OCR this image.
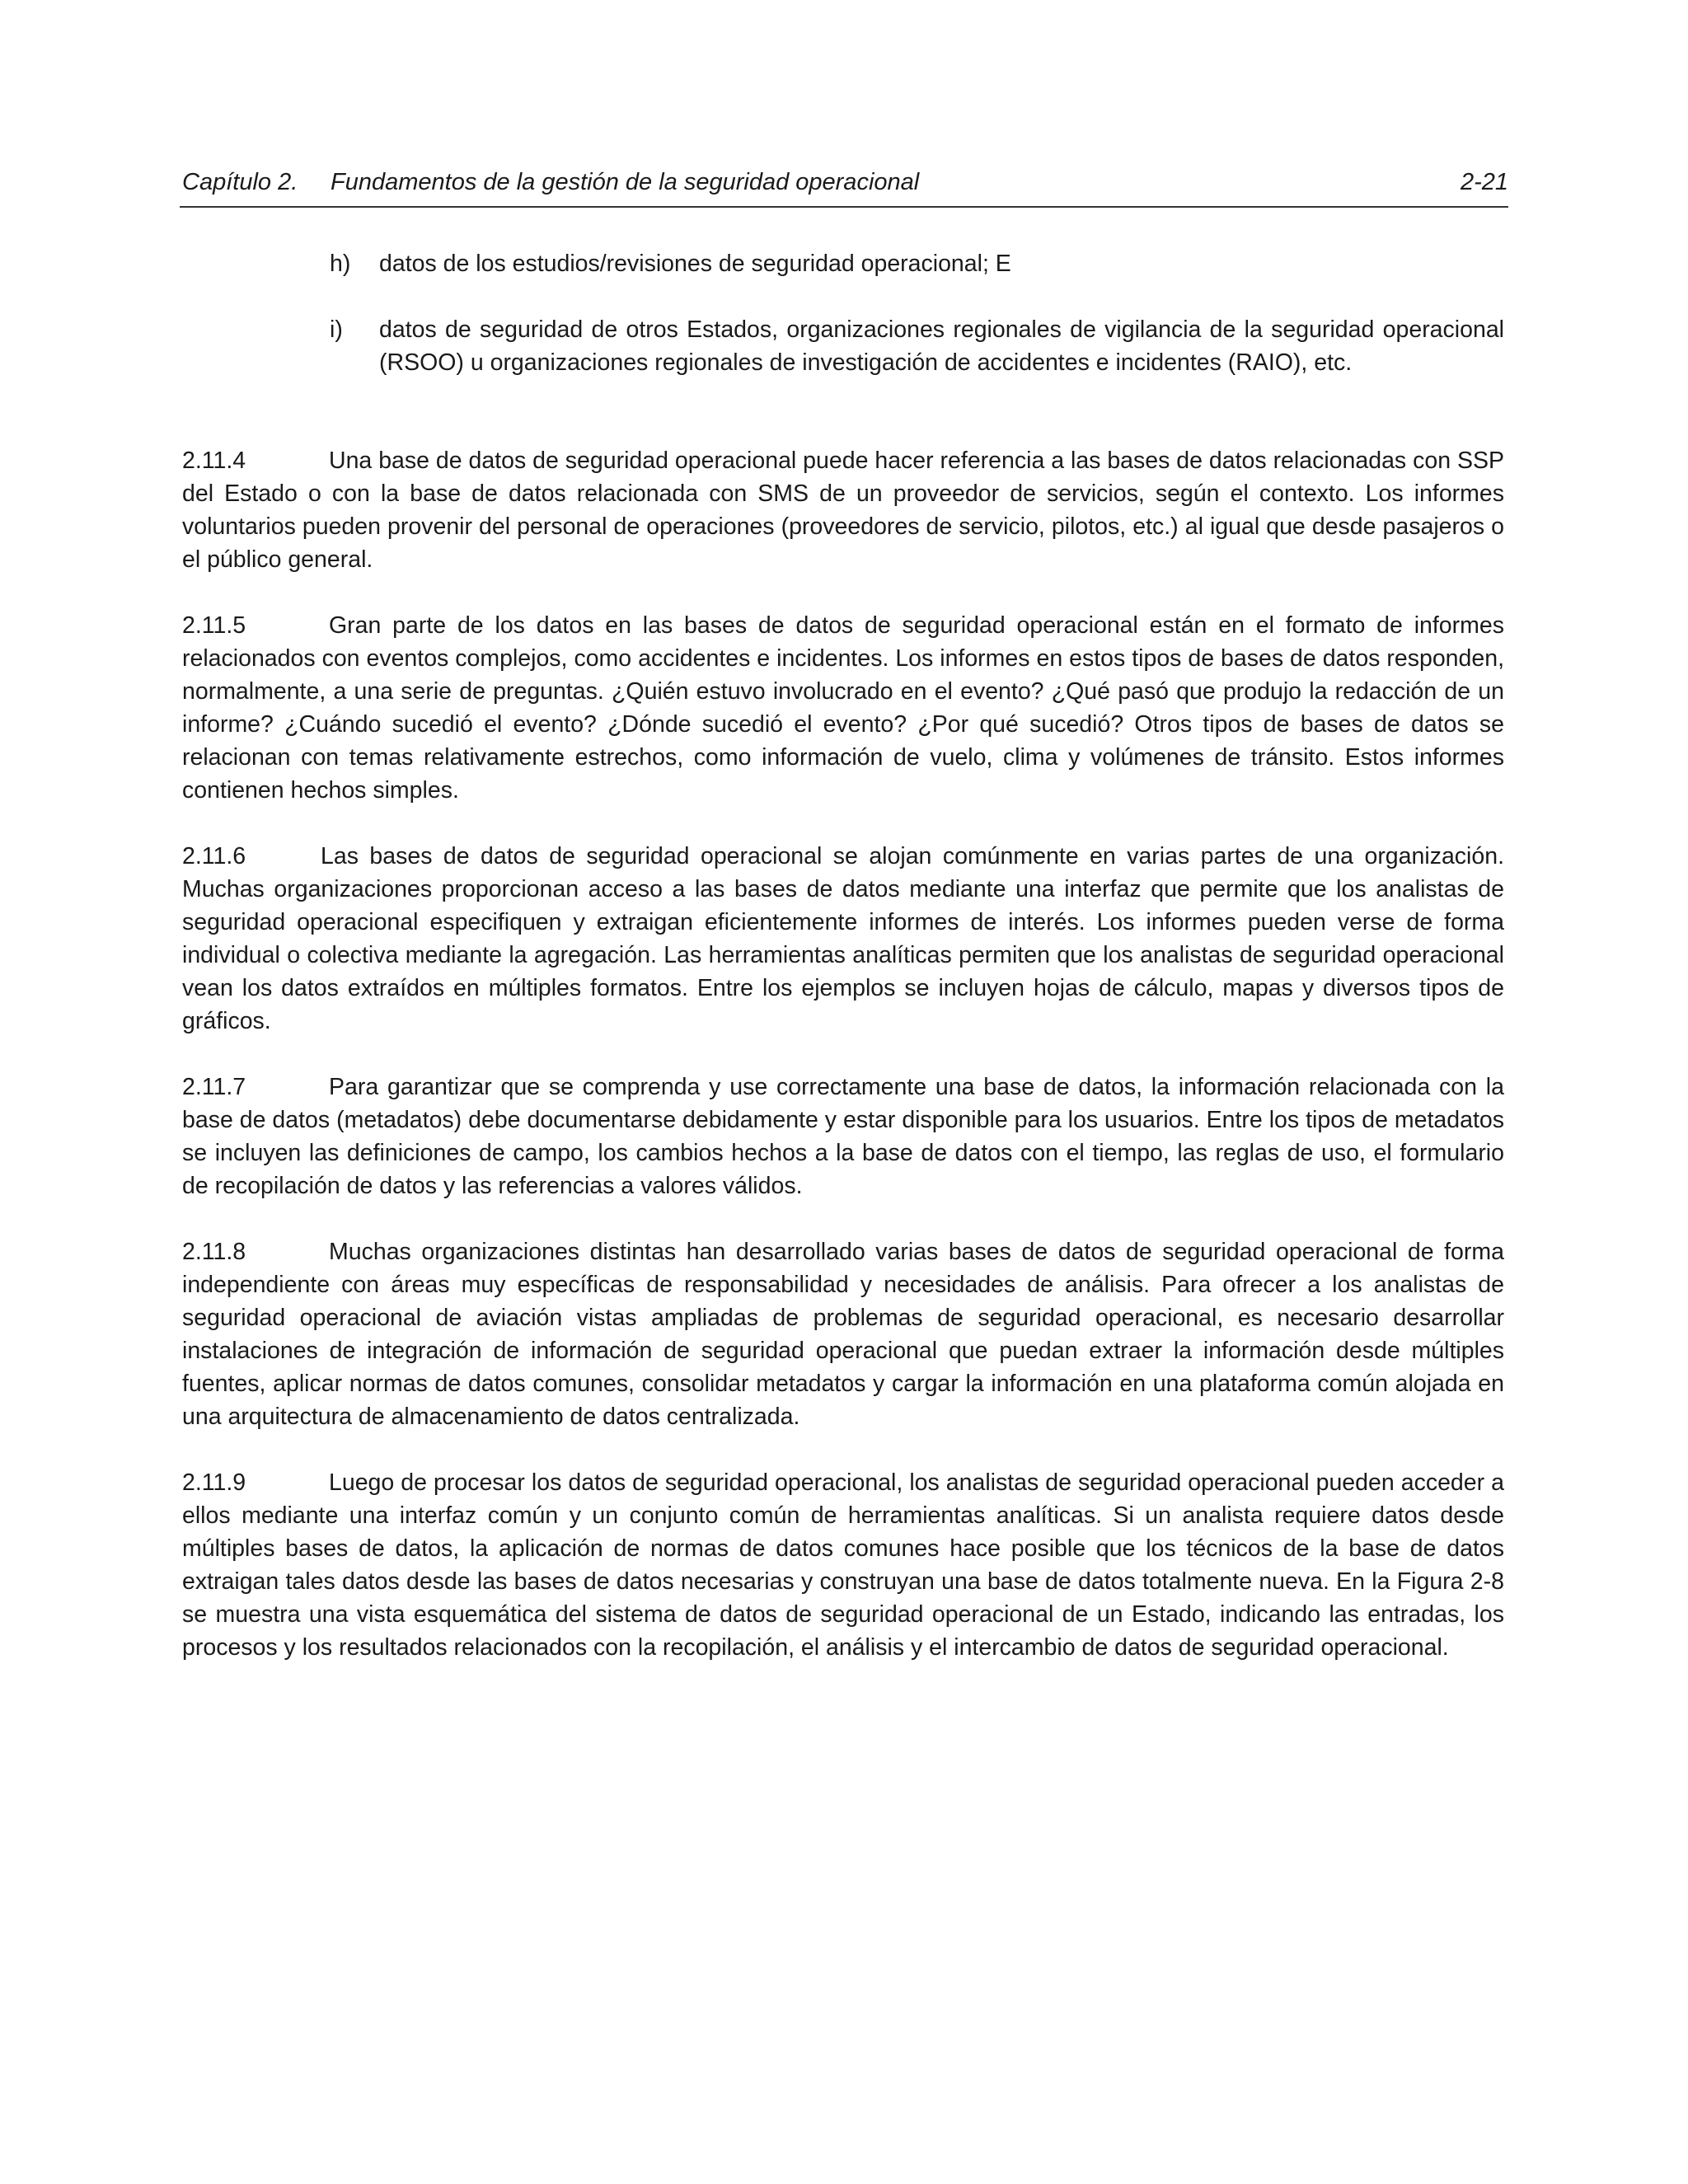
Capítulo 2. Fundamentos de la gestión de la seguridad operacional	2-21
h) datos de los estudios/revisiones de seguridad operacional; E
i) datos de seguridad de otros Estados, organizaciones regionales de vigilancia de la seguridad operacional (RSOO) u organizaciones regionales de investigación de accidentes e incidentes (RAIO), etc.

2.11.4	Una base de datos de seguridad operacional puede hacer referencia a las bases de datos relacionadas con SSP del Estado o con la base de datos relacionada con SMS de un proveedor de servicios, según el contexto. Los informes voluntarios pueden provenir del personal de operaciones (proveedores de servicio, pilotos, etc.) al igual que desde pasajeros o el público general.

2.11.5	Gran parte de los datos en las bases de datos de seguridad operacional están en el formato de informes relacionados con eventos complejos, como accidentes e incidentes. Los informes en estos tipos de bases de datos responden, normalmente, a una serie de preguntas. ¿Quién estuvo involucrado en el evento? ¿Qué pasó que produjo la redacción de un informe? ¿Cuándo sucedió el evento? ¿Dónde sucedió el evento? ¿Por qué sucedió? Otros tipos de bases de datos se relacionan con temas relativamente estrechos, como información de vuelo, clima y volúmenes de tránsito. Estos informes contienen hechos simples.

2.11.6	Las bases de datos de seguridad operacional se alojan comúnmente en varias partes de una organización. Muchas organizaciones proporcionan acceso a las bases de datos mediante una interfaz que permite que los analistas de seguridad operacional especifiquen y extraigan eficientemente informes de interés. Los informes pueden verse de forma individual o colectiva mediante la agregación. Las herramientas analíticas permiten que los analistas de seguridad operacional vean los datos extraídos en múltiples formatos. Entre los ejemplos se incluyen hojas de cálculo, mapas y diversos tipos de gráficos.

2.11.7	Para garantizar que se comprenda y use correctamente una base de datos, la información relacionada con la base de datos (metadatos) debe documentarse debidamente y estar disponible para los usuarios. Entre los tipos de metadatos se incluyen las definiciones de campo, los cambios hechos a la base de datos con el tiempo, las reglas de uso, el formulario de recopilación de datos y las referencias a valores válidos.

2.11.8	Muchas organizaciones distintas han desarrollado varias bases de datos de seguridad operacional de forma independiente con áreas muy específicas de responsabilidad y necesidades de análisis. Para ofrecer a los analistas de seguridad operacional de aviación vistas ampliadas de problemas de seguridad operacional, es necesario desarrollar instalaciones de integración de información de seguridad operacional que puedan extraer la información desde múltiples fuentes, aplicar normas de datos comunes, consolidar metadatos y cargar la información en una plataforma común alojada en una arquitectura de almacenamiento de datos centralizada.

2.11.9	Luego de procesar los datos de seguridad operacional, los analistas de seguridad operacional pueden acceder a ellos mediante una interfaz común y un conjunto común de herramientas analíticas. Si un analista requiere datos desde múltiples bases de datos, la aplicación de normas de datos comunes hace posible que los técnicos de la base de datos extraigan tales datos desde las bases de datos necesarias y construyan una base de datos totalmente nueva. En la Figura 2-8 se muestra una vista esquemática del sistema de datos de seguridad operacional de un Estado, indicando las entradas, los procesos y los resultados relacionados con la recopilación, el análisis y el intercambio de datos de seguridad operacional.
